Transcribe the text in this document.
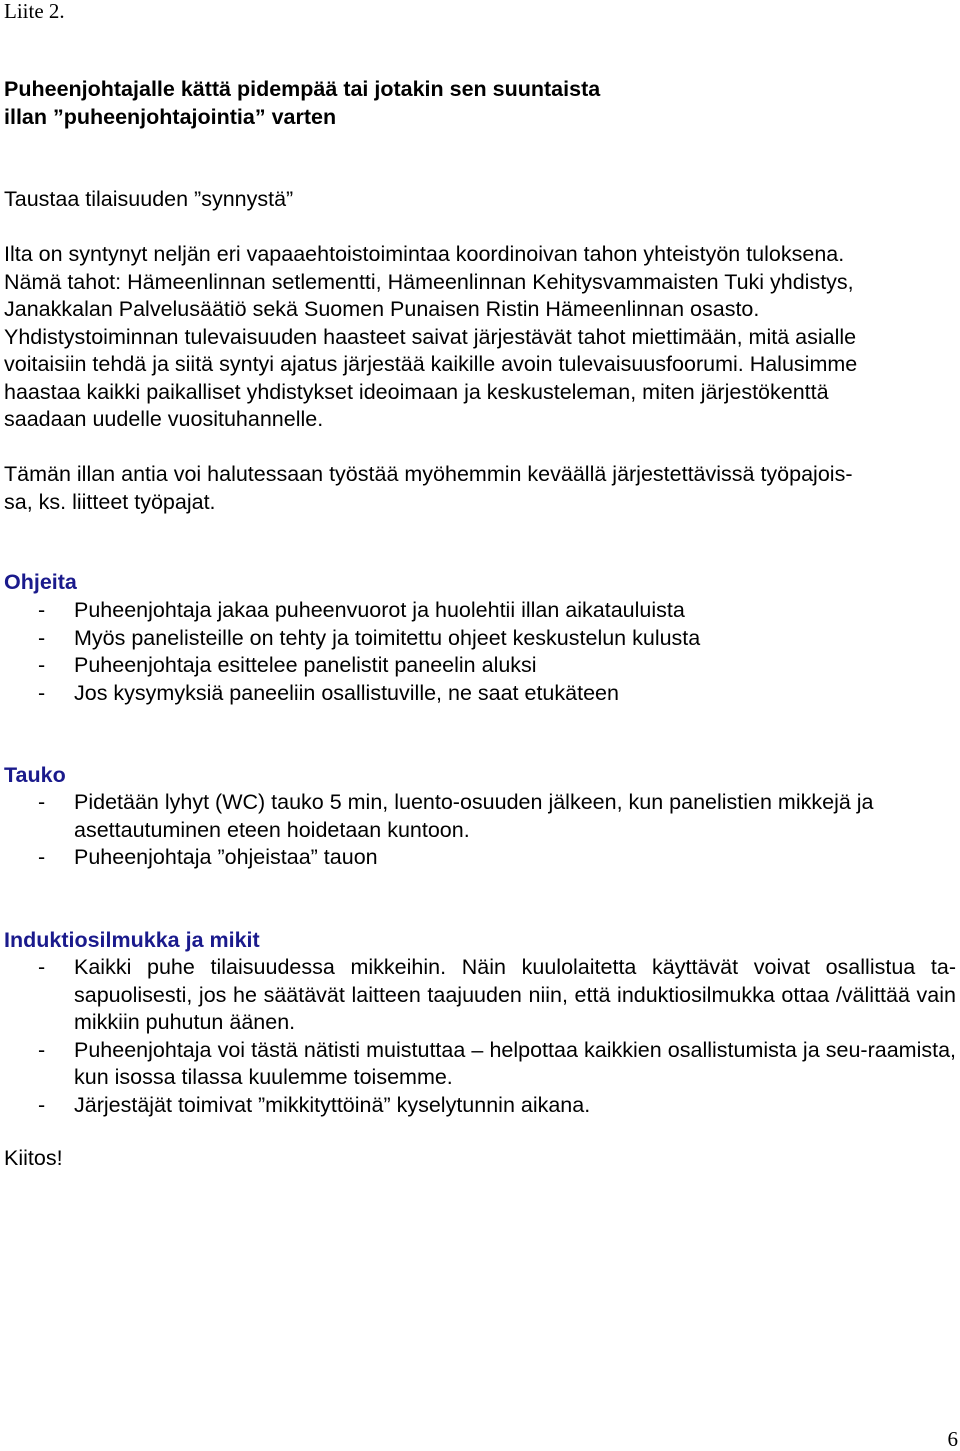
Liite 2.

Puheenjohtajalle kättä pidempää tai jotakin sen suuntaista
illan ”puheenjohtajointia” varten
Taustaa tilaisuuden ”synnystä”
Ilta on syntynyt neljän eri vapaaehtoistoimintaa koordinoivan tahon yhteistyön tuloksena.
Nämä tahot: Hämeenlinnan setlementti, Hämeenlinnan Kehitysvammaisten Tuki yhdistys,
Janakkalan Palvelusäätiö sekä Suomen Punaisen Ristin Hämeenlinnan osasto.
Yhdistystoiminnan tulevaisuuden haasteet saivat järjestävät tahot miettimään, mitä asialle
voitaisiin tehdä ja siitä syntyi ajatus järjestää kaikille avoin tulevaisuusfoorumi. Halusimme
haastaa kaikki paikalliset yhdistykset ideoimaan ja keskusteleman, miten järjestökenttä
saadaan uudelle vuosituhannelle.
Tämän illan antia voi halutessaan työstää myöhemmin keväällä järjestettävissä työpajois-
sa, ks. liitteet työpajat.
Ohjeita
- Puheenjohtaja jakaa puheenvuorot ja huolehtii illan aikatauluista
- Myös panelisteille on tehty ja toimitettu ohjeet keskustelun kulusta
- Puheenjohtaja esittelee panelistit paneelin aluksi
- Jos kysymyksiä paneeliin osallistuville, ne saat etukäteen
Tauko
- Pidetään lyhyt (WC) tauko 5 min, luento-osuuden jälkeen, kun panelistien mikkejä ja asettautuminen eteen hoidetaan kuntoon.
- Puheenjohtaja ”ohjeistaa” tauon
Induktiosilmukka ja mikit
- Kaikki puhe tilaisuudessa mikkeihin. Näin kuulolaitetta käyttävät voivat osallistua ta-sapuolisesti, jos he säätävät laitteen taajuuden niin, että induktiosilmukka ottaa /välittää vain mikkiin puhutun äänen.
- Puheenjohtaja voi tästä nätisti muistuttaa – helpottaa kaikkien osallistumista ja seu-raamista, kun isossa tilassa kuulemme toisemme.
- Järjestäjät toimivat ”mikkityttöinä” kyselytunnin aikana.

Kiitos!

6
